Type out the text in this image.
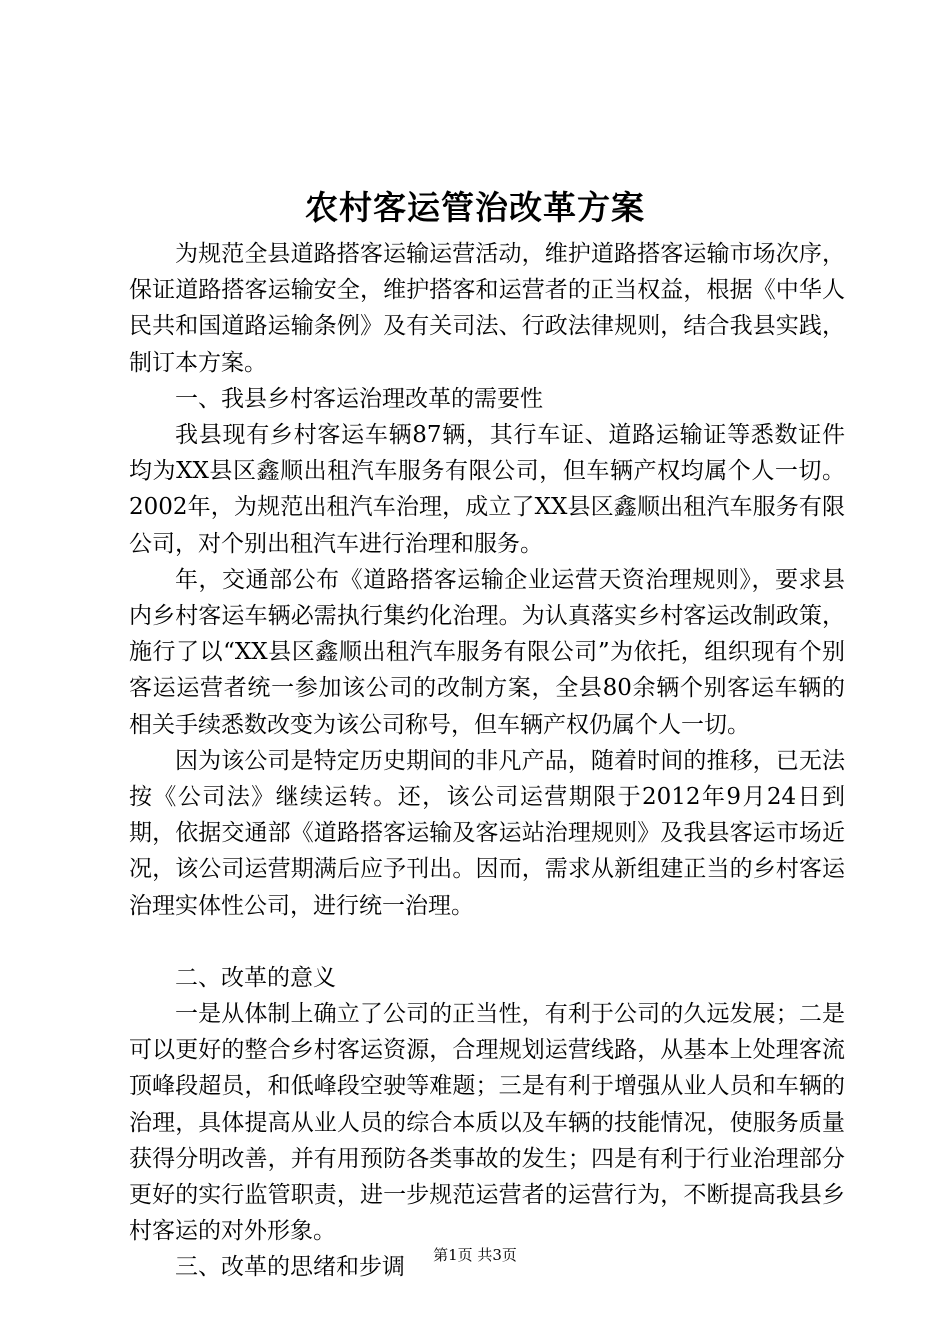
农村客运管治改革方案

为规范全县道路搭客运输运营活动，维护道路搭客运输市场次序，保证道路搭客运输安全，维护搭客和运营者的正当权益，根据《中华人民共和国道路运输条例》及有关司法、行政法律规则，结合我县实践，制订本方案。

一、我县乡村客运治理改革的需要性

我县现有乡村客运车辆87辆，其行车证、道路运输证等悉数证件均为XX县区鑫顺出租汽车服务有限公司，但车辆产权均属个人一切。2002年，为规范出租汽车治理，成立了XX县区鑫顺出租汽车服务有限公司，对个别出租汽车进行治理和服务。

年，交通部公布《道路搭客运输企业运营天资治理规则》，要求县内乡村客运车辆必需执行集约化治理。为认真落实乡村客运改制政策，施行了以“XX县区鑫顺出租汽车服务有限公司”为依托，组织现有个别客运运营者统一参加该公司的改制方案，全县80余辆个别客运车辆的相关手续悉数改变为该公司称号，但车辆产权仍属个人一切。

因为该公司是特定历史期间的非凡产品，随着时间的推移，已无法按《公司法》继续运转。还，该公司运营期限于2012年9月24日到期，依据交通部《道路搭客运输及客运站治理规则》及我县客运市场近况，该公司运营期满后应予刊出。因而，需求从新组建正当的乡村客运治理实体性公司，进行统一治理。

二、改革的意义

一是从体制上确立了公司的正当性，有利于公司的久远发展；二是可以更好的整合乡村客运资源，合理规划运营线路，从基本上处理客流顶峰段超员，和低峰段空驶等难题；三是有利于增强从业人员和车辆的治理，具体提高从业人员的综合本质以及车辆的技能情况，使服务质量获得分明改善，并有用预防各类事故的发生；四是有利于行业治理部分更好的实行监管职责，进一步规范运营者的运营行为，不断提高我县乡村客运的对外形象。

三、改革的思绪和步调	第1页 共3页
